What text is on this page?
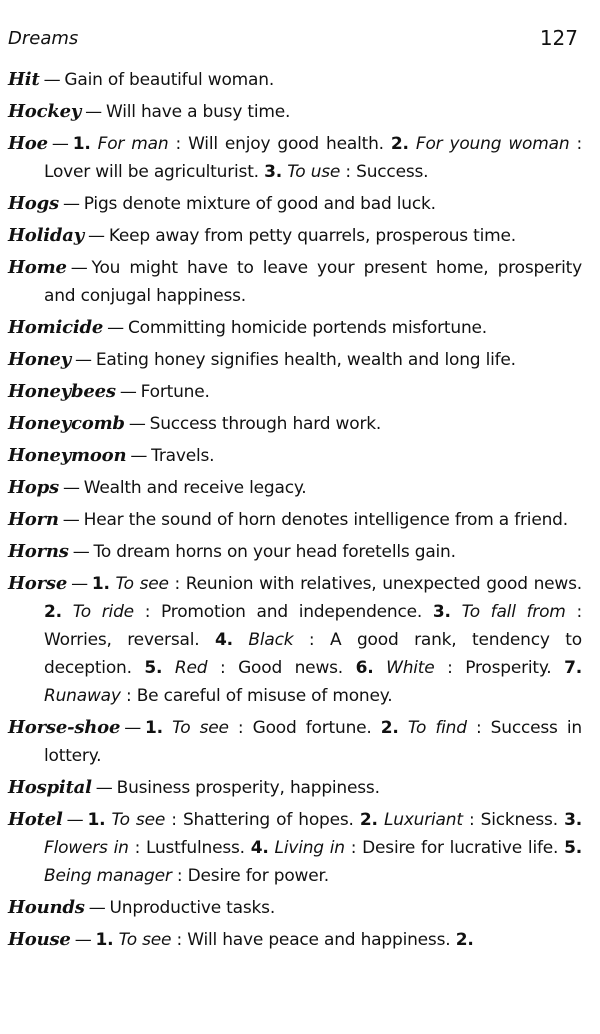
Dreams	127

Hit — Gain of beautiful woman.

Hockey — Will have a busy time.

Hoe — 1. For man : Will enjoy good health. 2. For young woman : Lover will be agriculturist. 3. To use : Success.

Hogs — Pigs denote mixture of good and bad luck.

Holiday — Keep away from petty quarrels, prosperous time.

Home — You might have to leave your present home, prosperity and conjugal happiness.

Homicide — Committing homicide portends misfortune.

Honey — Eating honey signifies health, wealth and long life.

Honeybees — Fortune.

Honeycomb — Success through hard work.

Honeymoon — Travels.

Hops — Wealth and receive legacy.

Horn — Hear the sound of horn denotes intelligence from a friend.

Horns — To dream horns on your head foretells gain.

Horse — 1. To see : Reunion with relatives, unexpected good news. 2. To ride : Promotion and independence. 3. To fall from : Worries, reversal. 4. Black : A good rank, tendency to deception. 5. Red : Good news. 6. White : Prosperity. 7. Runaway : Be careful of misuse of money.

Horse-shoe — 1. To see : Good fortune. 2. To find : Success in lottery.

Hospital — Business prosperity, happiness.

Hotel — 1. To see : Shattering of hopes. 2. Luxuriant : Sickness. 3. Flowers in : Lustfulness. 4. Living in : Desire for lucrative life. 5. Being manager : Desire for power.

Hounds — Unproductive tasks.

House — 1. To see : Will have peace and happiness. 2.
